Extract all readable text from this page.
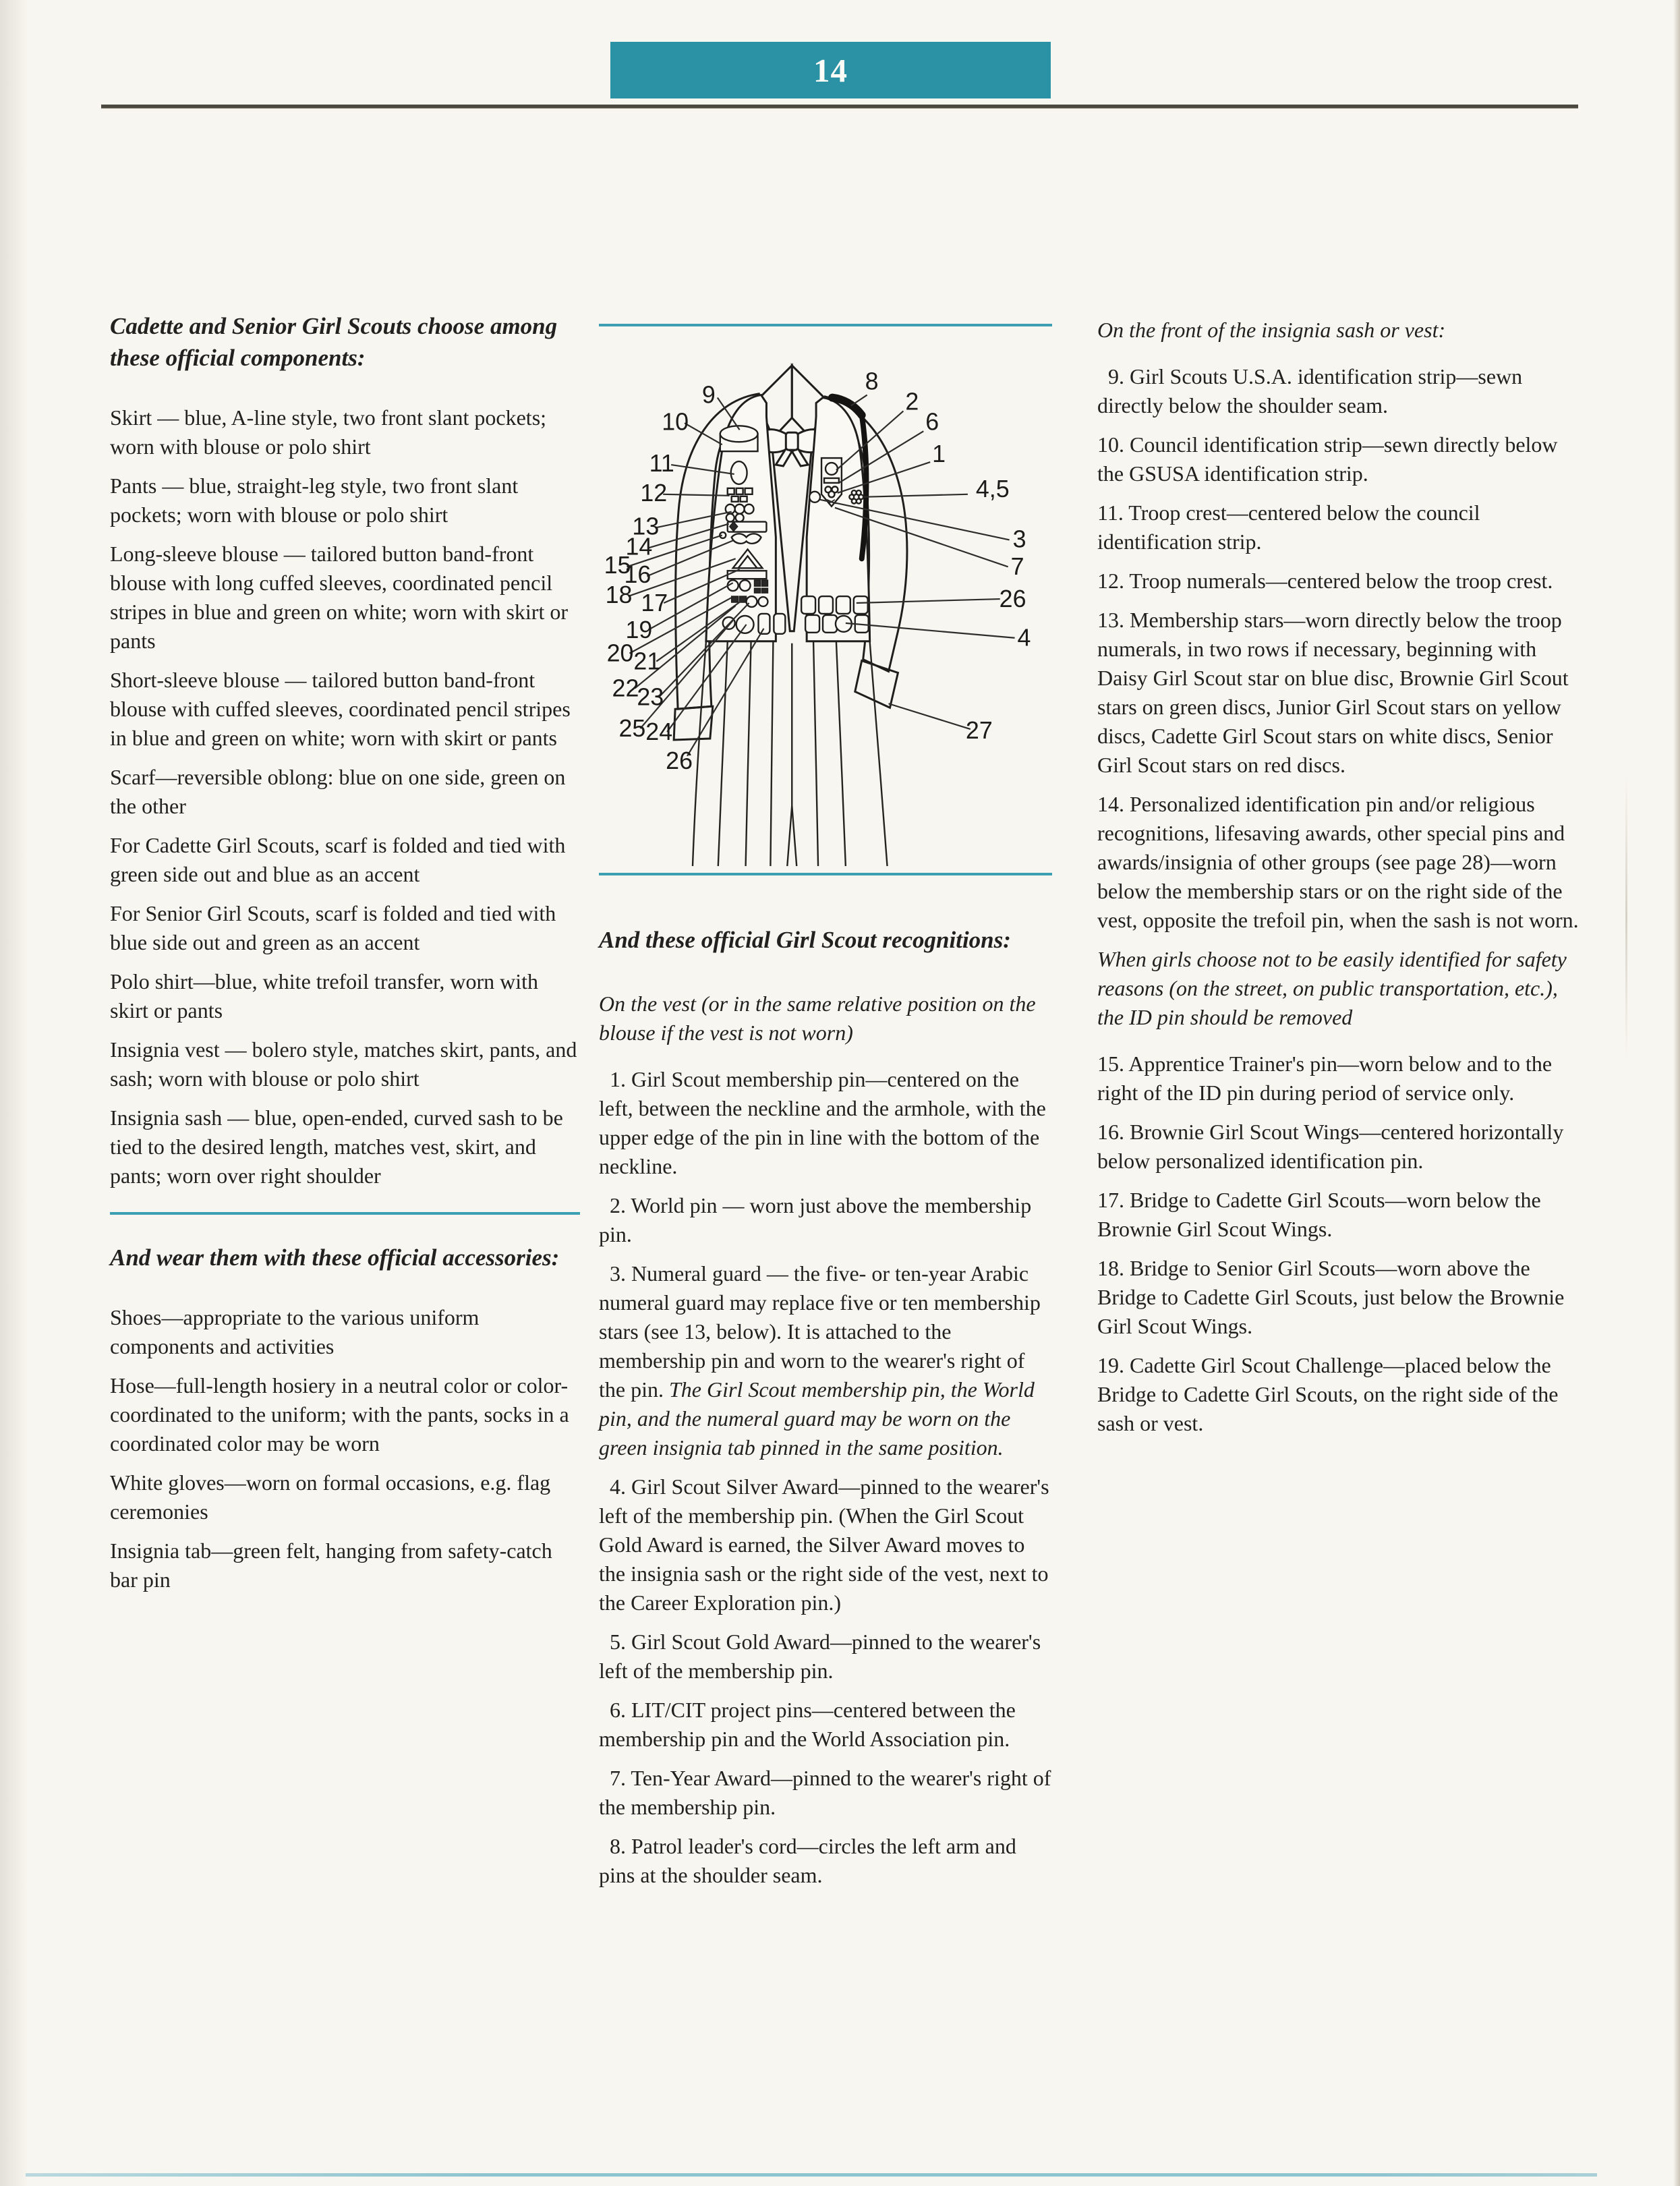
14
Cadette and Senior Girl Scouts choose among these official components:

Skirt — blue, A-line style, two front slant pockets; worn with blouse or polo shirt

Pants — blue, straight-leg style, two front slant pockets; worn with blouse or polo shirt

Long-sleeve blouse — tailored button band-front blouse with long cuffed sleeves, coordinated pencil stripes in blue and green on white; worn with skirt or pants

Short-sleeve blouse — tailored button band-front blouse with cuffed sleeves, coordinated pencil stripes in blue and green on white; worn with skirt or pants

Scarf—reversible oblong: blue on one side, green on the other

For Cadette Girl Scouts, scarf is folded and tied with green side out and blue as an accent

For Senior Girl Scouts, scarf is folded and tied with blue side out and green as an accent

Polo shirt—blue, white trefoil transfer, worn with skirt or pants

Insignia vest — bolero style, matches skirt, pants, and sash; worn with blouse or polo shirt

Insignia sash — blue, open-ended, curved sash to be tied to the desired length, matches vest, skirt, and pants; worn over right shoulder

And wear them with these official accessories:

Shoes—appropriate to the various uniform components and activities

Hose—full-length hosiery in a neutral color or color-coordinated to the uniform; with the pants, socks in a coordinated color may be worn

White gloves—worn on formal occasions, e.g. flag ceremonies

Insignia tab—green felt, hanging from safety-catch bar pin

9
10
11
12
13
14
15
16
18 17
19
20 21
22
23
25 24
26
8
2
6
1
4,5
3
7
26
4
27
And these official Girl Scout recognitions:

On the vest (or in the same relative position on the blouse if the vest is not worn)

1. Girl Scout membership pin—centered on the left, between the neckline and the armhole, with the upper edge of the pin in line with the bottom of the neckline.

2. World pin — worn just above the membership pin.

3. Numeral guard — the five- or ten-year Arabic numeral guard may replace five or ten membership stars (see 13, below). It is attached to the membership pin and worn to the wearer's right of the pin. The Girl Scout membership pin, the World pin, and the numeral guard may be worn on the green insignia tab pinned in the same position.

4. Girl Scout Silver Award—pinned to the wearer's left of the membership pin. (When the Girl Scout Gold Award is earned, the Silver Award moves to the insignia sash or the right side of the vest, next to the Career Exploration pin.)

5. Girl Scout Gold Award—pinned to the wearer's left of the membership pin.

6. LIT/CIT project pins—centered between the membership pin and the World Association pin.

7. Ten-Year Award—pinned to the wearer's right of the membership pin.

8. Patrol leader's cord—circles the left arm and pins at the shoulder seam.

On the front of the insignia sash or vest:

9. Girl Scouts U.S.A. identification strip—sewn directly below the shoulder seam.

10. Council identification strip—sewn directly below the GSUSA identification strip.

11. Troop crest—centered below the council identification strip.

12. Troop numerals—centered below the troop crest.

13. Membership stars—worn directly below the troop numerals, in two rows if necessary, beginning with Daisy Girl Scout star on blue disc, Brownie Girl Scout stars on green discs, Junior Girl Scout stars on yellow discs, Cadette Girl Scout stars on white discs, Senior Girl Scout stars on red discs.

14. Personalized identification pin and/or religious recognitions, lifesaving awards, other special pins and awards/insignia of other groups (see page 28)—worn below the membership stars or on the right side of the vest, opposite the trefoil pin, when the sash is not worn.

When girls choose not to be easily identified for safety reasons (on the street, on public transportation, etc.), the ID pin should be removed

15. Apprentice Trainer's pin—worn below and to the right of the ID pin during period of service only.

16. Brownie Girl Scout Wings—centered horizontally below personalized identification pin.

17. Bridge to Cadette Girl Scouts—worn below the Brownie Girl Scout Wings.

18. Bridge to Senior Girl Scouts—worn above the Bridge to Cadette Girl Scouts, just below the Brownie Girl Scout Wings.

19. Cadette Girl Scout Challenge—placed below the Bridge to Cadette Girl Scouts, on the right side of the sash or vest.
